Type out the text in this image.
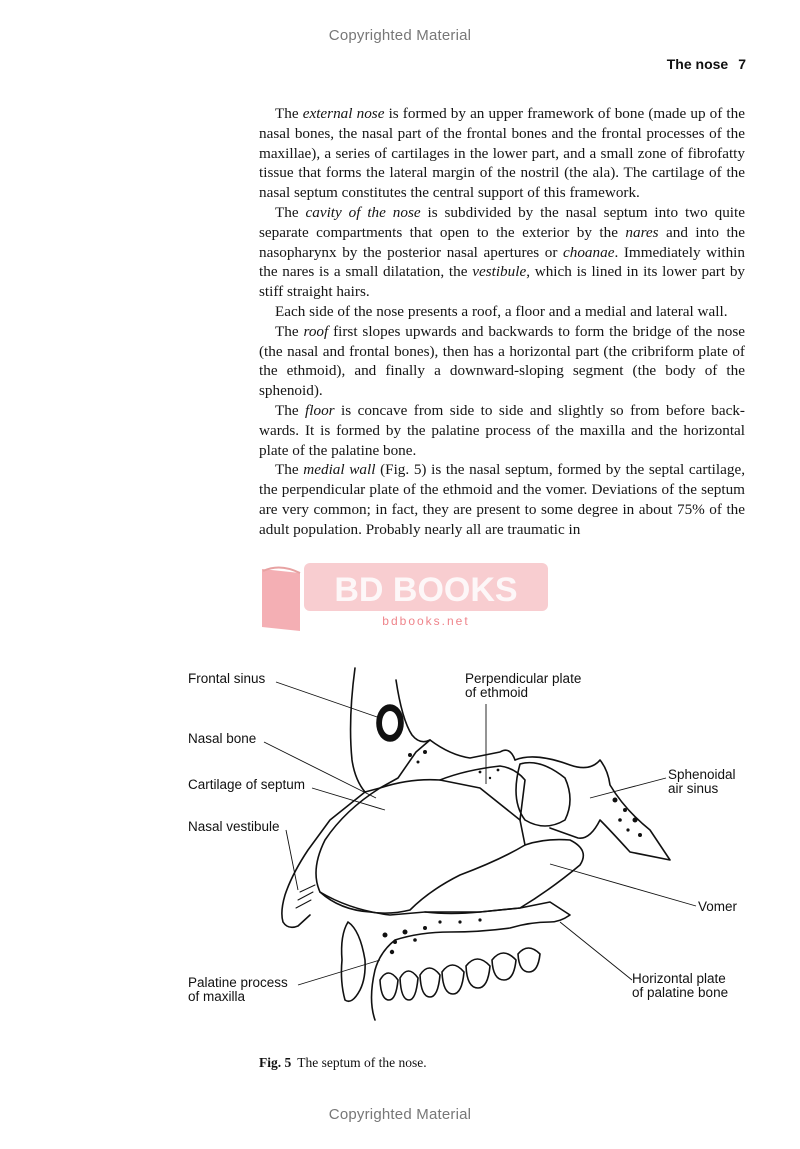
Copyrighted Material
The nose 7

The external nose is formed by an upper framework of bone (made up of the nasal bones, the nasal part of the frontal bones and the frontal processes of the maxillae), a series of cartilages in the lower part, and a small zone of fibrofatty tissue that forms the lateral margin of the nostril (the ala). The cartilage of the nasal septum constitutes the central support of this framework.

The cavity of the nose is subdivided by the nasal septum into two quite separate compartments that open to the exterior by the nares and into the nasopharynx by the posterior nasal apertures or choanae. Immediately within the nares is a small dilatation, the vestibule, which is lined in its lower part by stiff straight hairs.

Each side of the nose presents a roof, a floor and a medial and lateral wall.

The roof first slopes upwards and backwards to form the bridge of the nose (the nasal and frontal bones), then has a horizontal part (the cribriform plate of the ethmoid), and finally a downward-sloping segment (the body of the sphenoid).

The floor is concave from side to side and slightly so from before backwards. It is formed by the palatine process of the maxilla and the horizontal plate of the palatine bone.

The medial wall (Fig. 5) is the nasal septum, formed by the septal cartilage, the perpendicular plate of the ethmoid and the vomer. Deviations of the septum are very common; in fact, they are present to some degree in about 75% of the adult population. Probably nearly all are traumatic in

BD BOOKS
bdbooks.net
Frontal sinus
Nasal bone
Cartilage of septum
Nasal vestibule
Palatine process
of maxilla
Perpendicular plate
of ethmoid
Sphenoidal
air sinus
Vomer
Horizontal plate
of palatine bone
Fig. 5 The septum of the nose.
Copyrighted Material
